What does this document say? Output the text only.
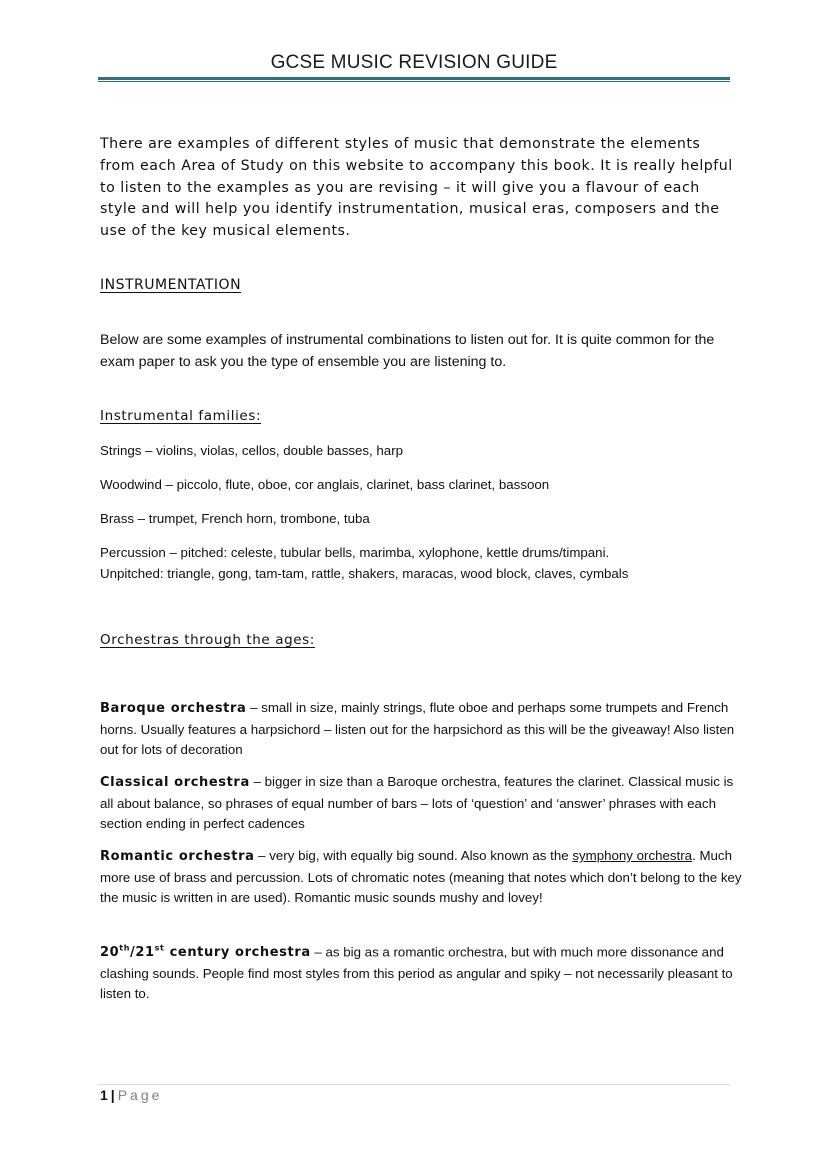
GCSE MUSIC REVISION GUIDE
There are examples of different styles of music that demonstrate the elements from each Area of Study on this website to accompany this book. It is really helpful to listen to the examples as you are revising – it will give you a flavour of each style and will help you identify instrumentation, musical eras, composers and the use of the key musical elements.
INSTRUMENTATION
Below are some examples of instrumental combinations to listen out for. It is quite common for the exam paper to ask you the type of ensemble you are listening to.
Instrumental families:
Strings – violins, violas, cellos, double basses, harp
Woodwind – piccolo, flute, oboe, cor anglais, clarinet, bass clarinet, bassoon
Brass – trumpet, French horn, trombone, tuba
Percussion – pitched: celeste, tubular bells, marimba, xylophone, kettle drums/timpani.
Unpitched: triangle, gong, tam-tam, rattle, shakers, maracas, wood block, claves, cymbals
Orchestras through the ages:
Baroque orchestra – small in size, mainly strings, flute oboe and perhaps some trumpets and French horns. Usually features a harpsichord – listen out for the harpsichord as this will be the giveaway! Also listen out for lots of decoration
Classical orchestra – bigger in size than a Baroque orchestra, features the clarinet. Classical music is all about balance, so phrases of equal number of bars – lots of ‘question’ and ‘answer’ phrases with each section ending in perfect cadences
Romantic orchestra – very big, with equally big sound. Also known as the symphony orchestra. Much more use of brass and percussion. Lots of chromatic notes (meaning that notes which don’t belong to the key the music is written in are used). Romantic music sounds mushy and lovey!
20th/21st century orchestra – as big as a romantic orchestra, but with much more dissonance and clashing sounds. People find most styles from this period as angular and spiky – not necessarily pleasant to listen to.
1 | Page
